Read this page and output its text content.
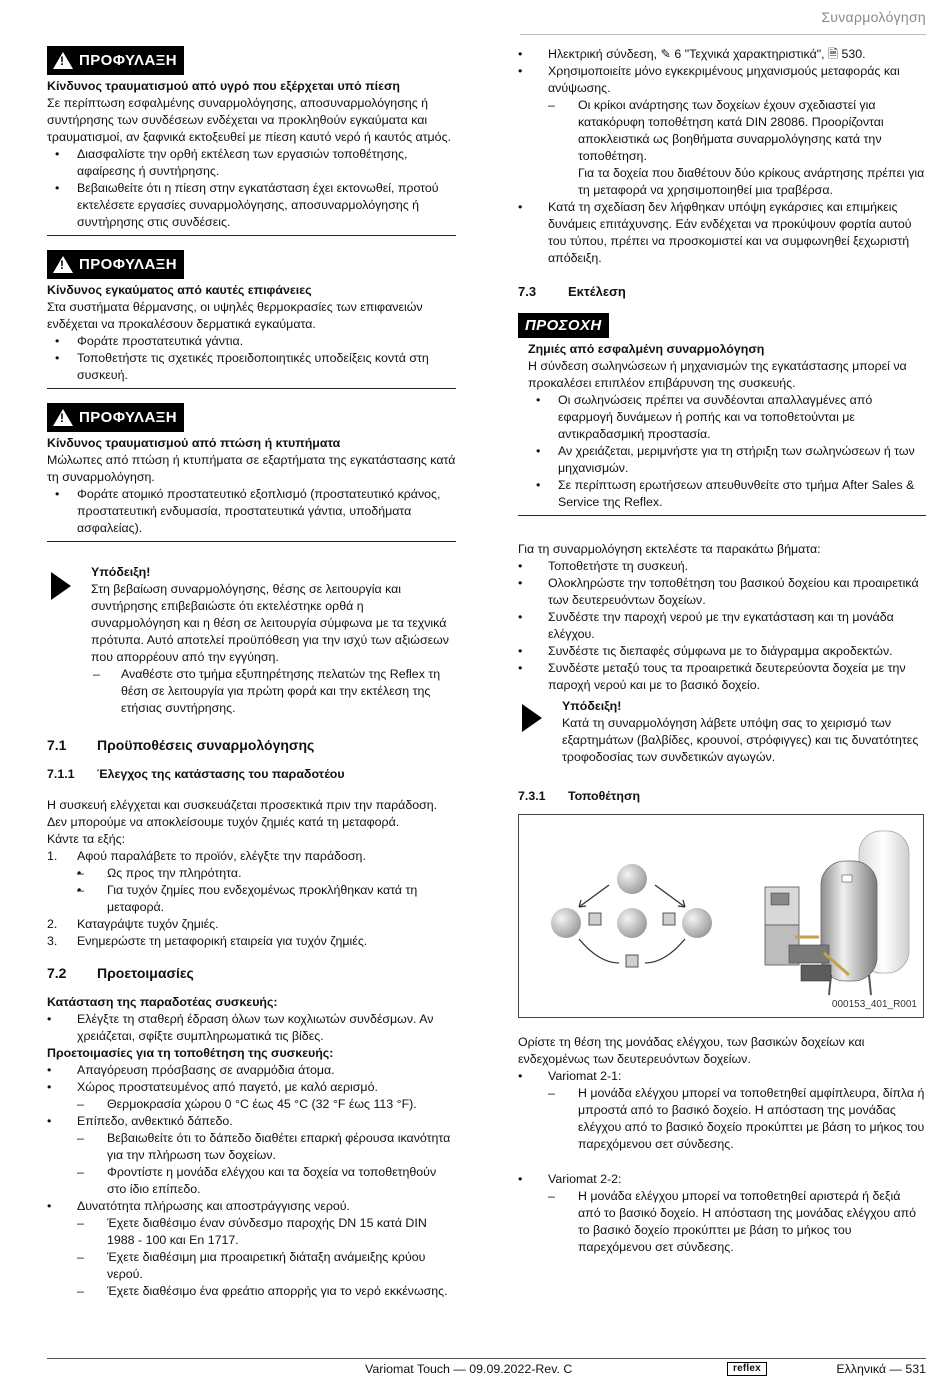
Συναρμολόγηση
!
ΠΡΟΦΥΛΑΞΗ

Κίνδυνος τραυματισμού από υγρό που εξέρχεται υπό πίεση

Σε περίπτωση εσφαλμένης συναρμολόγησης, αποσυναρμολόγησης ή συντήρησης των συνδέσεων ενδέχεται να προκληθούν εγκαύματα και τραυματισμοί, αν ξαφνικά εκτοξευθεί με πίεση καυτό νερό ή καυτός ατμός.

• Διασφαλίστε την ορθή εκτέλεση των εργασιών τοποθέτησης, αφαίρεσης ή συντήρησης.

• Βεβαιωθείτε ότι η πίεση στην εγκατάσταση έχει εκτονωθεί, προτού εκτελέσετε εργασίες συναρμολόγησης, αποσυναρμολόγησης ή συντήρησης στις συνδέσεις.

!
ΠΡΟΦΥΛΑΞΗ

Κίνδυνος εγκαύματος από καυτές επιφάνειες

Στα συστήματα θέρμανσης, οι υψηλές θερμοκρασίες των επιφανειών ενδέχεται να προκαλέσουν δερματικά εγκαύματα.

• Φοράτε προστατευτικά γάντια.

• Τοποθετήστε τις σχετικές προειδοποιητικές υποδείξεις κοντά στη συσκευή.

!
ΠΡΟΦΥΛΑΞΗ

Κίνδυνος τραυματισμού από πτώση ή κτυπήματα

Μώλωπες από πτώση ή κτυπήματα σε εξαρτήματα της εγκατάστασης κατά τη συναρμολόγηση.

• Φοράτε ατομικό προστατευτικό εξοπλισμό (προστατευτικό κράνος, προστατευτική ενδυμασία, προστατευτικά γάντια, υποδήματα ασφαλείας).

Υπόδειξη!

Στη βεβαίωση συναρμολόγησης, θέσης σε λειτουργία και συντήρησης επιβεβαιώστε ότι εκτελέστηκε ορθά η συναρμολόγηση και η θέση σε λειτουργία σύμφωνα με τα τεχνικά πρότυπα. Αυτό αποτελεί προϋπόθεση για την ισχύ των αξιώσεων που απορρέουν από την εγγύηση.

– Αναθέστε στο τμήμα εξυπηρέτησης πελατών της Reflex τη θέση σε λειτουργία για πρώτη φορά και την εκτέλεση της ετήσιας συντήρησης.

7.1	Προϋποθέσεις συναρμολόγησης
7.1.1	Έλεγχος της κατάστασης του παραδοτέου

Η συσκευή ελέγχεται και συσκευάζεται προσεκτικά πριν την παράδοση. Δεν μπορούμε να αποκλείσουμε τυχόν ζημιές κατά τη μεταφορά.

Κάντε τα εξής:

1. Αφού παραλάβετε το προϊόν, ελέγξτε την παράδοση.

– • Ως προς την πληρότητα.

– • Για τυχόν ζημίες που ενδεχομένως προκλήθηκαν κατά τη μεταφορά.

2. Καταγράψτε τυχόν ζημιές.

3. Ενημερώστε τη μεταφορική εταιρεία για τυχόν ζημιές.

7.2	Προετοιμασίες

Κατάσταση της παραδοτέας συσκευής:

• Ελέγξτε τη σταθερή έδραση όλων των κοχλιωτών συνδέσμων. Αν χρειάζεται, σφίξτε συμπληρωματικά τις βίδες.

Προετοιμασίες για τη τοποθέτηση της συσκευής:

• Απαγόρευση πρόσβασης σε αναρμόδια άτομα.

• Χώρος προστατευμένος από παγετό, με καλό αερισμό.

– Θερμοκρασία χώρου 0 °C έως 45 °C (32 °F έως 113 °F).

• Επίπεδο, ανθεκτικό δάπεδο.

– Βεβαιωθείτε ότι το δάπεδο διαθέτει επαρκή φέρουσα ικανότητα για την πλήρωση των δοχείων.

– Φροντίστε η μονάδα ελέγχου και τα δοχεία να τοποθετηθούν στο ίδιο επίπεδο.

• Δυνατότητα πλήρωσης και αποστράγγισης νερού.

– Έχετε διαθέσιμο έναν σύνδεσμο παροχής DN 15 κατά DIN 1988 - 100 και En 1717.

– Έχετε διαθέσιμη μια προαιρετική διάταξη ανάμειξης κρύου νερού.

– Έχετε διαθέσιμο ένα φρεάτιο απορρής για το νερό εκκένωσης.

• Ηλεκτρική σύνδεση, ✎ 6 "Τεχνικά χαρακτηριστικά", 🗎 530.

• Χρησιμοποιείτε μόνο εγκεκριμένους μηχανισμούς μεταφοράς και ανύψωσης.

– Οι κρίκοι ανάρτησης των δοχείων έχουν σχεδιαστεί για κατακόρυφη τοποθέτηση κατά DIN 28086. Προορίζονται αποκλειστικά ως βοηθήματα συναρμολόγησης κατά την τοποθέτηση.

Για τα δοχεία που διαθέτουν δύο κρίκους ανάρτησης πρέπει για τη μεταφορά να χρησιμοποιηθεί μια τραβέρσα.

• Κατά τη σχεδίαση δεν λήφθηκαν υπόψη εγκάρσιες και επιμήκεις δυνάμεις επιτάχυνσης. Εάν ενδέχεται να προκύψουν φορτία αυτού του τύπου, πρέπει να προσκομιστεί και να συμφωνηθεί ξεχωριστή απόδειξη.

7.3	Εκτέλεση
ΠΡΟΣΟΧΗ

Ζημιές από εσφαλμένη συναρμολόγηση

Η σύνδεση σωληνώσεων ή μηχανισμών της εγκατάστασης μπορεί να προκαλέσει επιπλέον επιβάρυνση της συσκευής.

• Οι σωληνώσεις πρέπει να συνδέονται απαλλαγμένες από εφαρμογή δυνάμεων ή ροπής και να τοποθετούνται με αντικραδασμική προστασία.

• Αν χρειάζεται, μεριμνήστε για τη στήριξη των σωληνώσεων ή των μηχανισμών.

• Σε περίπτωση ερωτήσεων απευθυνθείτε στο τμήμα After Sales & Service της Reflex.

Για τη συναρμολόγηση εκτελέστε τα παρακάτω βήματα:

• Τοποθετήστε τη συσκευή.

• Ολοκληρώστε την τοποθέτηση του βασικού δοχείου και προαιρετικά των δευτερευόντων δοχείων.

• Συνδέστε την παροχή νερού με την εγκατάσταση και τη μονάδα ελέγχου.

• Συνδέστε τις διεπαφές σύμφωνα με το διάγραμμα ακροδεκτών.

• Συνδέστε μεταξύ τους τα προαιρετικά δευτερεύοντα δοχεία με την παροχή νερού και με το βασικό δοχείο.

Υπόδειξη!

Κατά τη συναρμολόγηση λάβετε υπόψη σας το χειρισμό των εξαρτημάτων (βαλβίδες, κρουνοί, στρόφιγγες) και τις δυνατότητες τροφοδοσίας των συνδετικών αγωγών.

7.3.1	Τοποθέτηση
000153_401_R001

Ορίστε τη θέση της μονάδας ελέγχου, των βασικών δοχείων και ενδεχομένως των δευτερευόντων δοχείων.

• Variomat 2-1:

– Η μονάδα ελέγχου μπορεί να τοποθετηθεί αμφίπλευρα, δίπλα ή μπροστά από το βασικό δοχείο. Η απόσταση της μονάδας ελέγχου από το βασικό δοχείο προκύπτει με βάση το μήκος του παρεχόμενου σετ σύνδεσης.

• Variomat 2-2:

– Η μονάδα ελέγχου μπορεί να τοποθετηθεί αριστερά ή δεξιά από το βασικό δοχείο. Η απόσταση της μονάδας ελέγχου από το βασικό δοχείο προκύπτει με βάση το μήκος του παρεχόμενου σετ σύνδεσης.

Variomat Touch — 09.09.2022-Rev. C	reflex	Ελληνικά — 531
